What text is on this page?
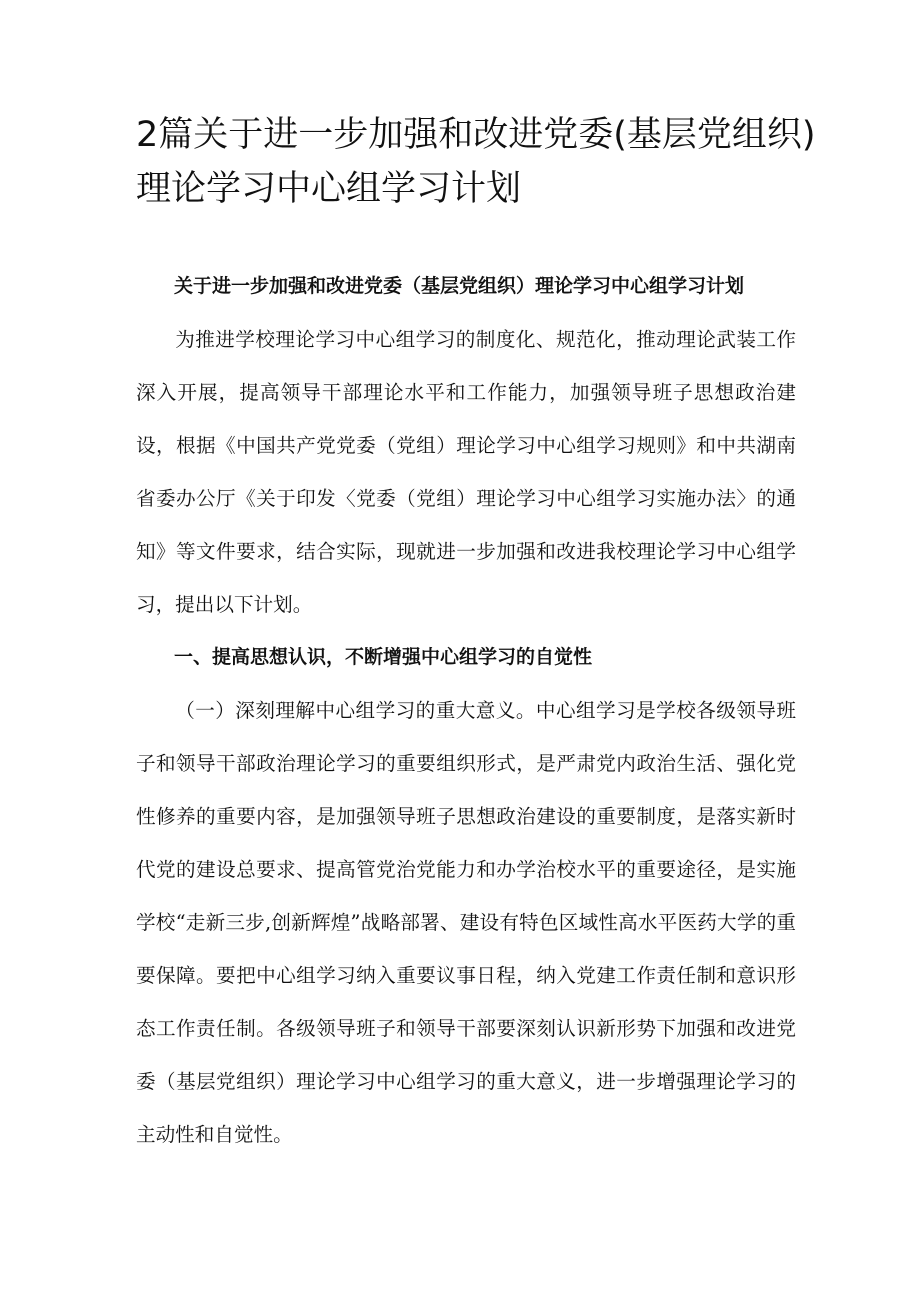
2篇关于进一步加强和改进党委(基层党组织)理论学习中心组学习计划

关于进一步加强和改进党委（基层党组织）理论学习中心组学习计划

为推进学校理论学习中心组学习的制度化、规范化，推动理论武装工作深入开展，提高领导干部理论水平和工作能力，加强领导班子思想政治建设，根据《中国共产党党委（党组）理论学习中心组学习规则》和中共湖南省委办公厅《关于印发〈党委（党组）理论学习中心组学习实施办法〉的通知》等文件要求，结合实际，现就进一步加强和改进我校理论学习中心组学习，提出以下计划。

一、提高思想认识，不断增强中心组学习的自觉性

（一）深刻理解中心组学习的重大意义。中心组学习是学校各级领导班子和领导干部政治理论学习的重要组织形式，是严肃党内政治生活、强化党性修养的重要内容，是加强领导班子思想政治建设的重要制度，是落实新时代党的建设总要求、提高管党治党能力和办学治校水平的重要途径，是实施学校“走新三步,创新辉煌”战略部署、建设有特色区域性高水平医药大学的重要保障。要把中心组学习纳入重要议事日程，纳入党建工作责任制和意识形态工作责任制。各级领导班子和领导干部要深刻认识新形势下加强和改进党委（基层党组织）理论学习中心组学习的重大意义，进一步增强理论学习的主动性和自觉性。
